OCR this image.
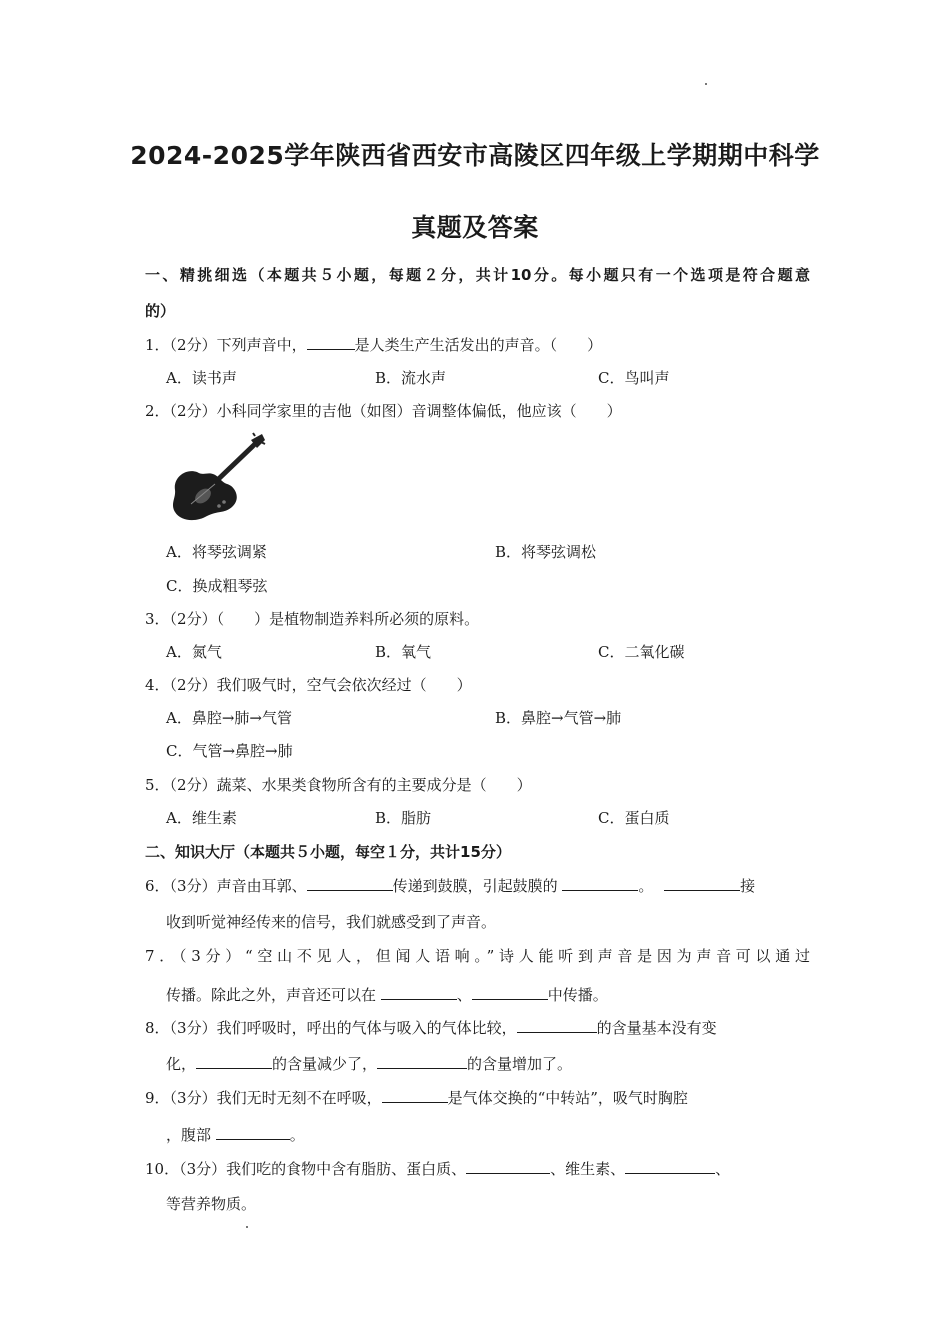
2024-2025学年陕西省西安市高陵区四年级上学期期中科学
真题及答案
一、精挑细选（本题共５小题，每题２分，共计10分。每小题只有一个选项是符合题意
的）
1．（2分）下列声音中，	是人类生产生活发出的声音。（　　）
A．读书声	B．流水声	C．鸟叫声
2．（2分）小科同学家里的吉他（如图）音调整体偏低，他应该（　　）
A．将琴弦调紧	B．将琴弦调松
C．换成粗琴弦
3．（2分）（　　）是植物制造养料所必须的原料。
A．氮气	B．氧气	C．二氧化碳
4．（2分）我们吸气时，空气会依次经过（　　）
A．鼻腔→肺→气管	B．鼻腔→气管→肺
C．气管→鼻腔→肺
5．（2分）蔬菜、水果类食物所含有的主要成分是（　　）
A．维生素	B．脂肪	C．蛋白质
二、知识大厅（本题共５小题，每空１分，共计15分）
6．（3分）声音由耳郭、	传递到鼓膜，引起鼓膜的	。	接
收到听觉神经传来的信号，我们就感受到了声音。
7．（3分）“空山不见人，但闻人语响。”诗人能听到声音是因为声音可以通过
传播。除此之外，声音还可以在	、	中传播。
8．（3分）我们呼吸时，呼出的气体与吸入的气体比较，	的含量基本没有变
化，	的含量减少了，	的含量增加了。
9．（3分）我们无时无刻不在呼吸，	是气体交换的“中转站”，吸气时胸腔
，腹部	。
10．（3分）我们吃的食物中含有脂肪、蛋白质、	、维生素、	、
等营养物质。
